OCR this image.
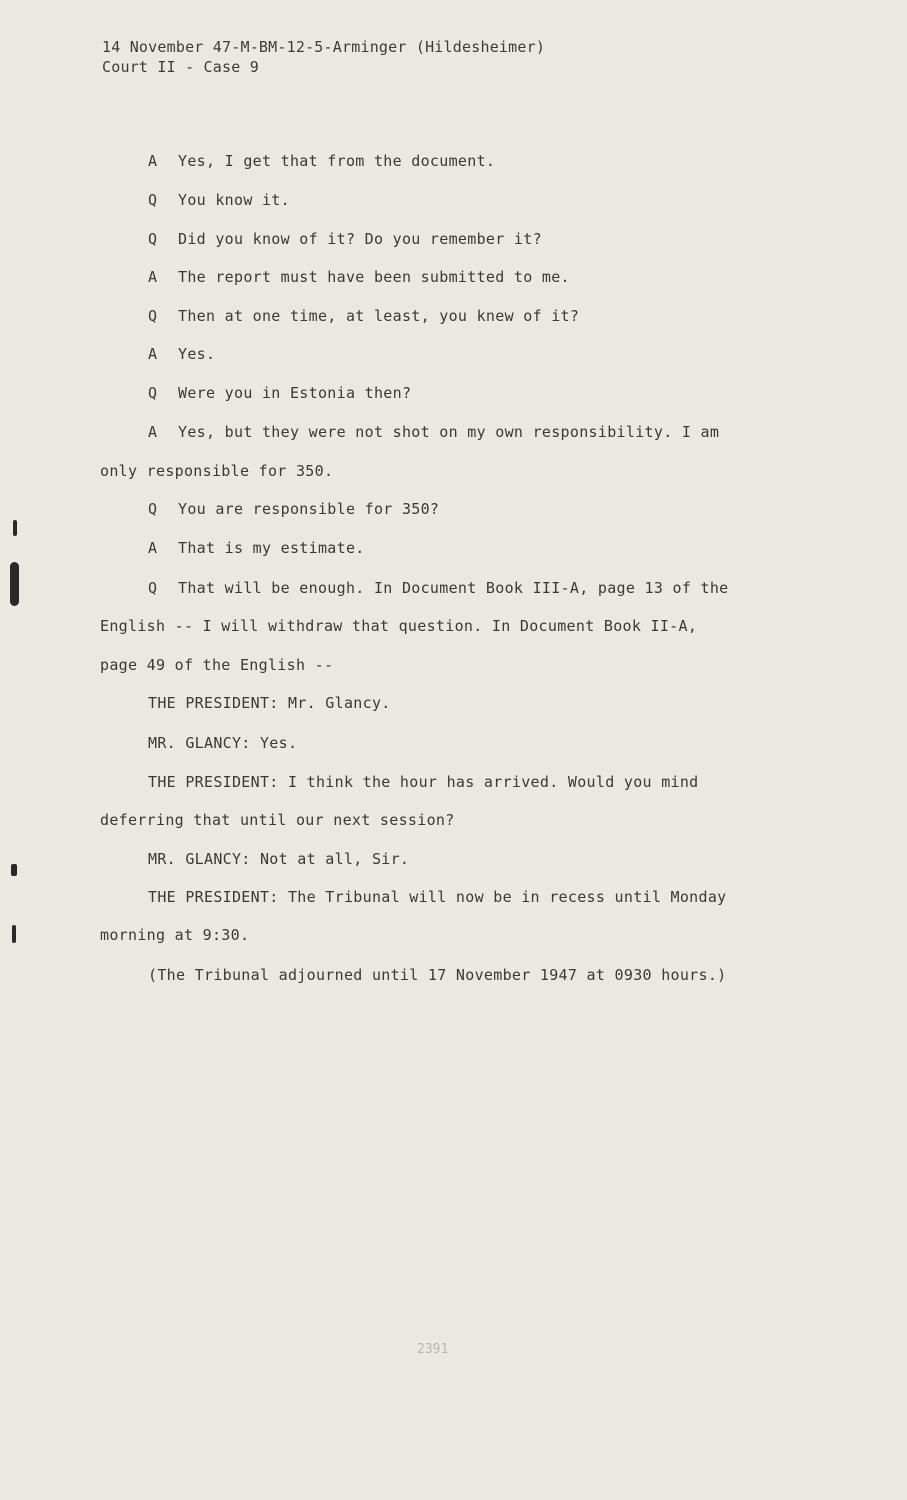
14 November 47-M-BM-12-5-Arminger (Hildesheimer)
Court II - Case 9
A Yes, I get that from the document.
Q You know it.
Q Did you know of it? Do you remember it?
A The report must have been submitted to me.
Q Then at one time, at least, you knew of it?
A Yes.
Q Were you in Estonia then?
A Yes, but they were not shot on my own responsibility. I am
only responsible for 350.
Q You are responsible for 350?
A That is my estimate.
Q That will be enough. In Document Book III-A, page 13 of the
English -- I will withdraw that question. In Document Book II-A,
page 49 of the English --
THE PRESIDENT: Mr. Glancy.
MR. GLANCY: Yes.
THE PRESIDENT: I think the hour has arrived. Would you mind
deferring that until our next session?
MR. GLANCY: Not at all, Sir.
THE PRESIDENT: The Tribunal will now be in recess until Monday
morning at 9:30.
(The Tribunal adjourned until 17 November 1947 at 0930 hours.)
2391
